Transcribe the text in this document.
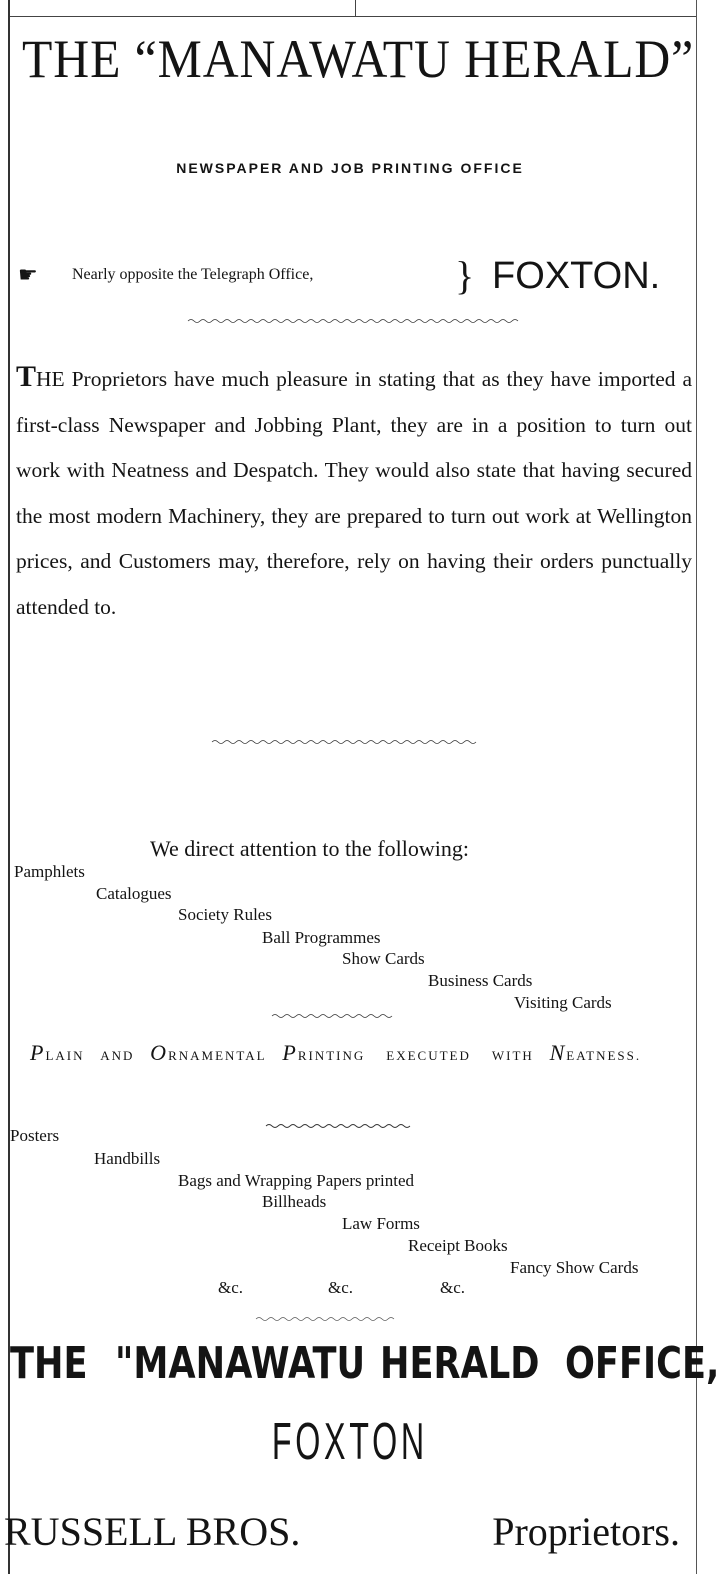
THE “MANAWATU HERALD”
NEWSPAPER AND JOB PRINTING OFFICE
☛ Nearly opposite the Telegraph Office,	} FOXTON.
THE Proprietors have much pleasure in stating that as they have imported a first-class Newspaper and Jobbing Plant, they are in a position to turn out work with Neatness and Despatch. They would also state that having secured the most modern Machinery, they are prepared to turn out work at Wellington prices, and Customers may, therefore, rely on having their orders punctually attended to.
We direct attention to the following:
Pamphlets
Catalogues
Society Rules
Ball Programmes
Show Cards
Business Cards
Visiting Cards
PLAIN AND ORNAMENTAL PRINTING EXECUTED WITH NEATNESS.
Posters
Handbills
Bags and Wrapping Papers printed
Billheads
Law Forms
Receipt Books
Fancy Show Cards
&c.	&c.	&c.
THE "MANAWATU HERALD OFFICE,
FOXTON
RUSSELL BROS.	Proprietors.
